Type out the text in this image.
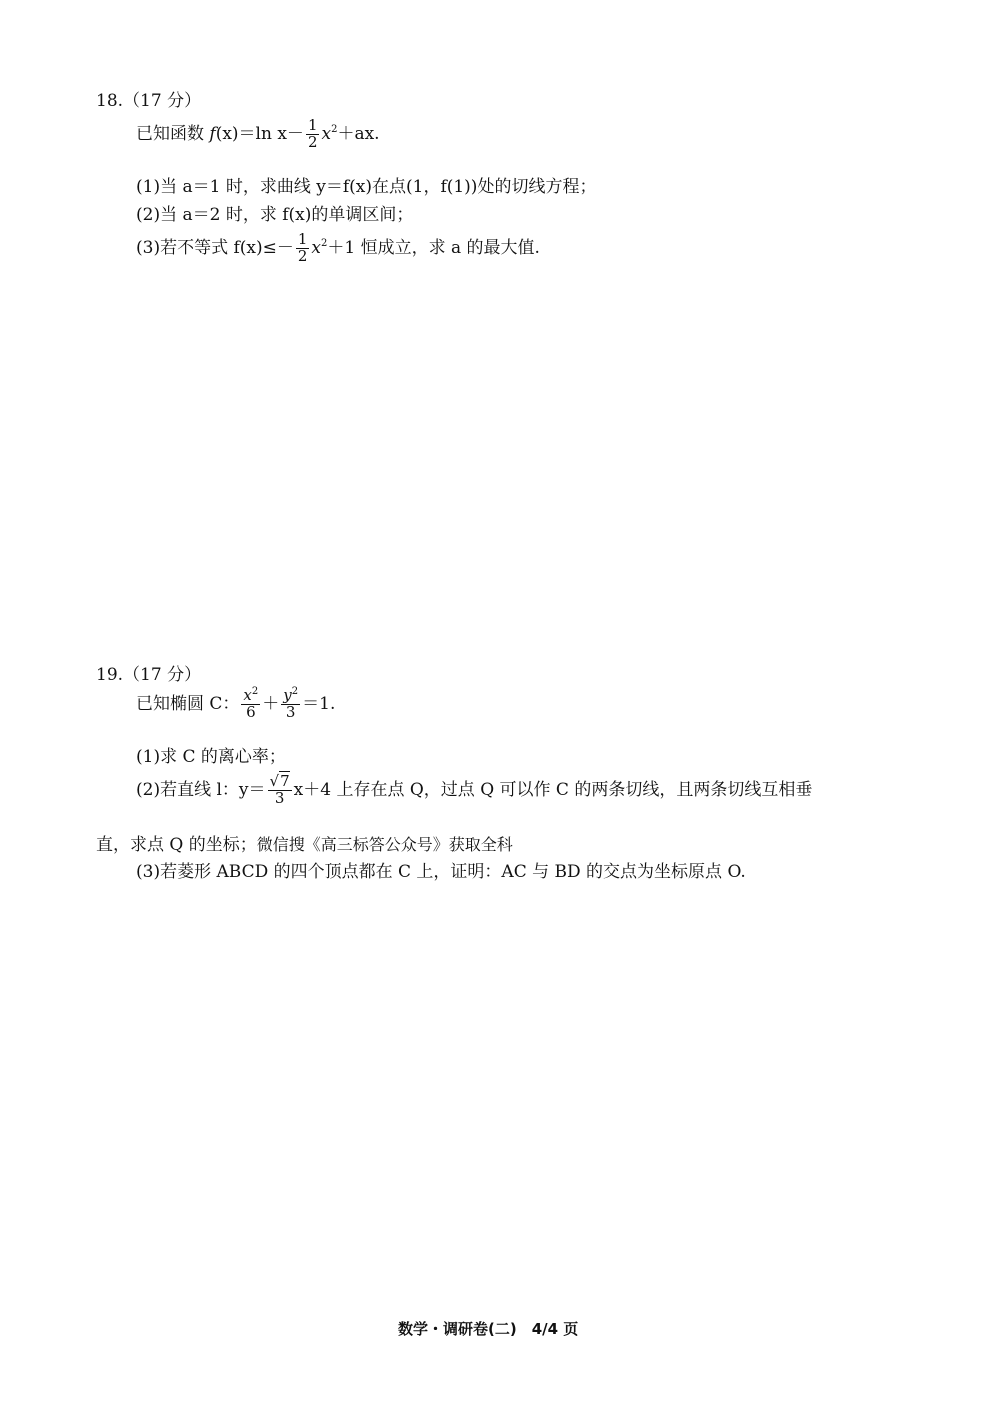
18.（17 分）
已知函数 f(x)＝ln $x- \frac{1}{2} x^2+ax$.
(1)当 a＝1 时，求曲线 y＝f(x)在点(1，f(1))处的切线方程；
(2)当 a＝2 时，求 f(x)的单调区间；
(3)若不等式 $f(x)\le- \frac{1}{2} x^2+1$ 恒成立，求 a 的最大值.
19.（17 分）
已知椭圆 C： $\frac{x^2}{6} + \frac{y^2}{3} =1$.
(1)求 C 的离心率；
(2)若直线 l：$y= \frac{√7}{3} x+4$ 上存在点 Q，过点 Q 可以作 C 的两条切线，且两条切线互相垂
直，求点 Q 的坐标；微信搜《高三标答公众号》获取全科
(3)若菱形 ABCD 的四个顶点都在 C 上，证明：AC 与 BD 的交点为坐标原点 O.
数学・调研卷(二)　4/4 页
